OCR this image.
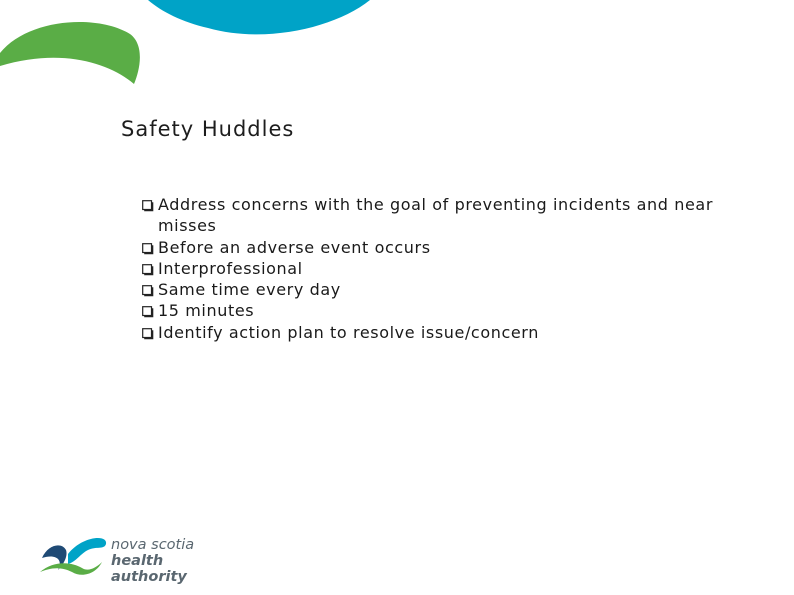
Safety Huddles
Address concerns with the goal of preventing incidents and near misses
Before an adverse event occurs
Interprofessional
Same time every day
15 minutes
Identify action plan to resolve issue/concern
nova scotia
health authority
